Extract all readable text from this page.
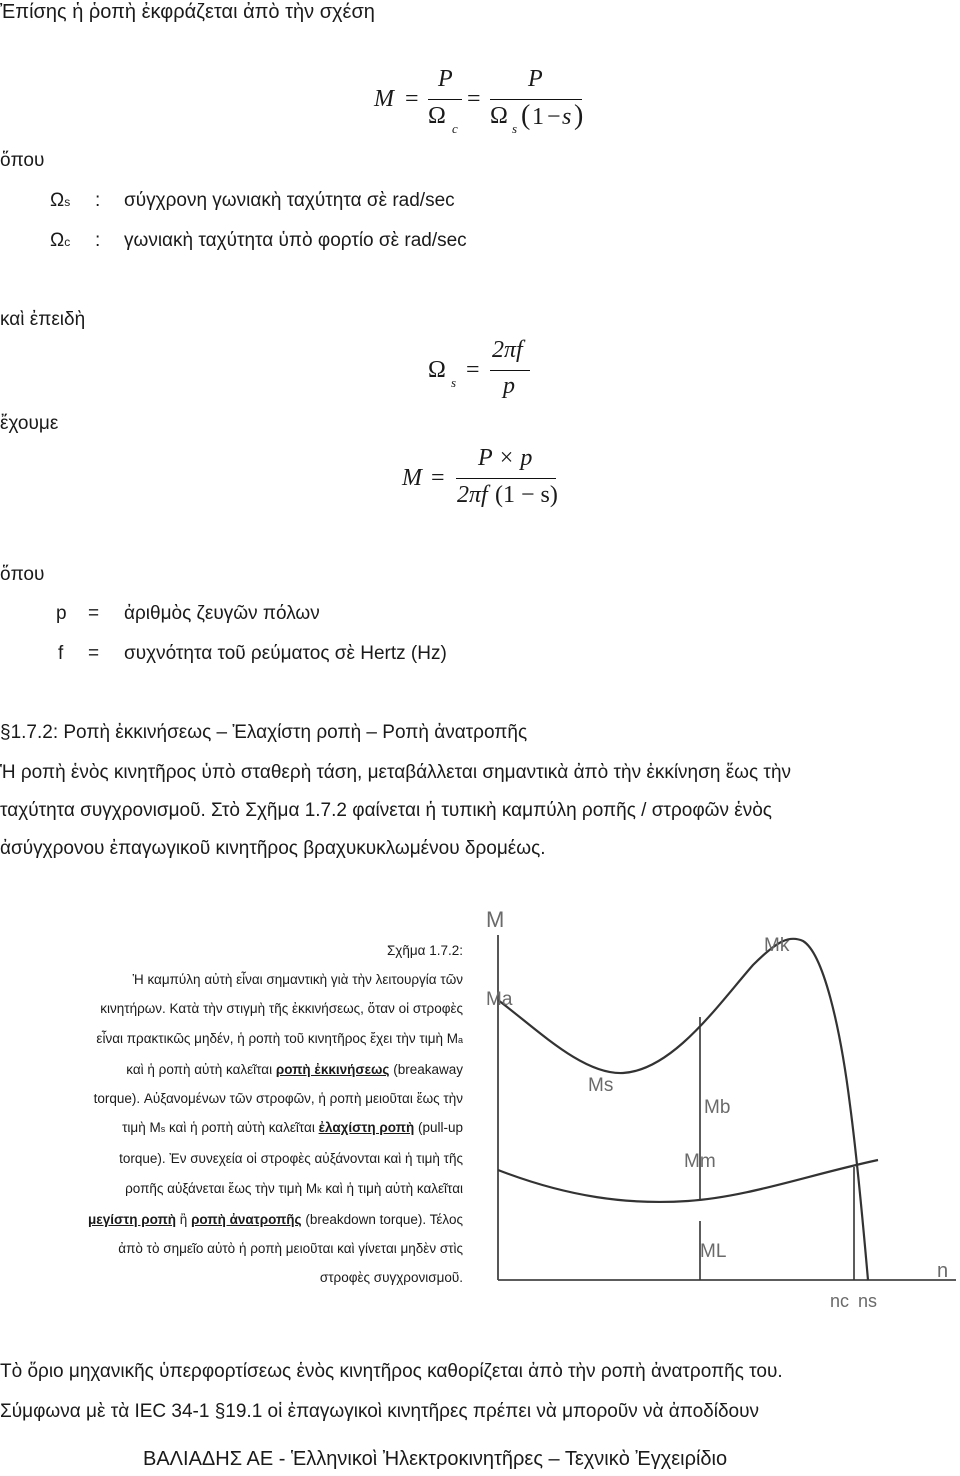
Ἐπίσης ἡ ῥοπὴ ἐκφράζεται ἀπὸ τὴν σχέση
M =
P
Ω c
=
P
Ω s ( 1 − s )
ὅπου
Ωs : σύγχρονη γωνιακὴ ταχύτητα σὲ rad/sec
Ωc : γωνιακὴ ταχύτητα ὑπὸ φορτίο σὲ rad/sec
καὶ ἐπειδὴ
Ω s =
2πf
p
ἔχουμε
M =
P × p
2πf (1 − s)
ὅπου
p = ἀριθμὸς ζευγῶν πόλων
f = συχνότητα τοῦ ρεύματος σὲ Hertz (Hz)
§1.7.2: Ροπὴ ἐκκινήσεως – Ἐλαχίστη ροπὴ – Ροπὴ ἀνατροπῆς
Ἡ ροπὴ ἑνὸς κινητῆρος ὑπὸ σταθερὴ τάση, μεταβάλλεται σημαντικὰ ἀπὸ τὴν ἐκκίνηση ἕως τὴν
ταχύτητα συγχρονισμοῦ. Στὸ Σχῆμα 1.7.2 φαίνεται ἡ τυπικὴ καμπύλη ροπῆς / στροφῶν ἑνὸς
ἀσύγχρονου ἐπαγωγικοῦ κινητῆρος βραχυκυκλωμένου δρομέως.
Σχῆμα 1.7.2:
Ἡ καμπύλη αὐτὴ εἶναι σημαντικὴ γιὰ τὴν λειτουργία τῶν
κινητήρων. Κατὰ τὴν στιγμὴ τῆς ἐκκινήσεως, ὅταν οἱ στροφὲς
εἶναι πρακτικῶς μηδέν, ἡ ροπὴ τοῦ κινητῆρος ἔχει τὴν τιμὴ Ma
καὶ ἡ ροπὴ αὐτὴ καλεῖται ροπὴ ἐκκινήσεως (breakaway
torque). Αὐξανομένων τῶν στροφῶν, ἡ ροπὴ μειοῦται ἕως τὴν
τιμὴ Ms καὶ ἡ ροπὴ αὐτὴ καλεῖται ἐλαχίστη ροπὴ (pull-up
torque). Ἐν συνεχεία οἱ στροφὲς αὐξάνονται καὶ ἡ τιμὴ τῆς
ροπῆς αὐξάνεται ἕως τὴν τιμὴ Mk καὶ ἡ τιμὴ αὐτὴ καλεῖται
μεγίστη ροπὴ ἢ ροπὴ ἀνατροπῆς (breakdown torque). Τέλος
ἀπὸ τὸ σημεῖο αὐτὸ ἡ ροπὴ μειοῦται καὶ γίνεται μηδὲν στὶς
στροφὲς συγχρονισμοῦ.
M
n
Mk
Ma
Ms
Mb
Mm
ML
nc ns
Τὸ ὅριο μηχανικῆς ὑπερφορτίσεως ἑνὸς κινητῆρος καθορίζεται ἀπὸ τὴν ροπὴ ἀνατροπῆς του.
Σύμφωνα μὲ τὰ IEC 34-1 §19.1 οἱ ἐπαγωγικοὶ κινητῆρες πρέπει νὰ μποροῦν νὰ ἀποδίδουν
ΒΑΛΙΑΔΗΣ ΑΕ - Ἑλληνικοὶ Ἠλεκτροκινητῆρες – Τεχνικὸ Ἐγχειρίδιο
